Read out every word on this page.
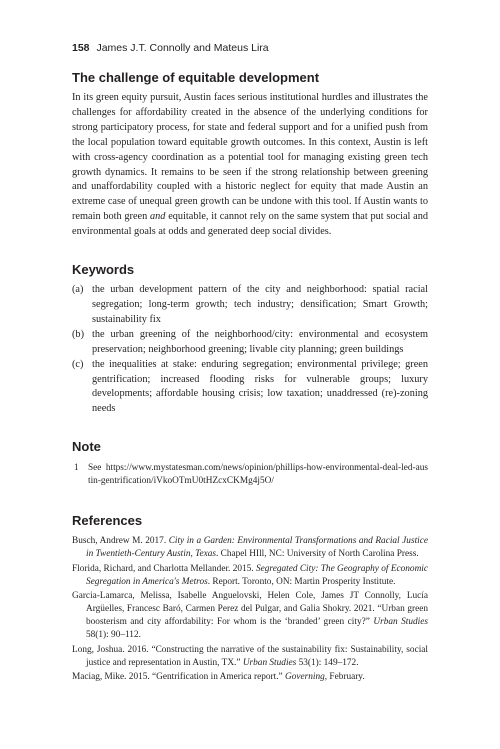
158 James J.T. Connolly and Mateus Lira
The challenge of equitable development

In its green equity pursuit, Austin faces serious institutional hurdles and illustrates the challenges for affordability created in the absence of the underlying conditions for strong participatory process, for state and federal support and for a unified push from the local population toward equitable growth outcomes. In this context, Austin is left with cross-agency coordination as a potential tool for managing existing green tech growth dynamics. It remains to be seen if the strong relationship between greening and unaffordability coupled with a historic neglect for equity that made Austin an extreme case of unequal green growth can be undone with this tool. If Austin wants to remain both green and equitable, it cannot rely on the same system that put social and environmental goals at odds and generated deep social divides.

Keywords
(a) the urban development pattern of the city and neighborhood: spatial racial segregation; long-term growth; tech industry; densification; Smart Growth; sustainability fix
(b) the urban greening of the neighborhood/city: environmental and ecosystem preservation; neighborhood greening; livable city planning; green buildings
(c) the inequalities at stake: enduring segregation; environmental privilege; green gentrification; increased flooding risks for vulnerable groups; luxury developments; affordable housing crisis; low taxation; unaddressed (re)-zoning needs
Note
1	See https://www.mystatesman.com/news/opinion/phillips-how-environmental-deal-led-austin-gentrification/iVkoOTmU0tHZcxCKMg4j5O/
References
Busch, Andrew M. 2017. City in a Garden: Environmental Transformations and Racial Justice in Twentieth-Century Austin, Texas. Chapel HIll, NC: University of North Carolina Press.
Florida, Richard, and Charlotta Mellander. 2015. Segregated City: The Geography of Economic Segregation in America's Metros. Report. Toronto, ON: Martin Prosperity Institute.
Garcia-Lamarca, Melissa, Isabelle Anguelovski, Helen Cole, James JT Connolly, Lucía Argüelles, Francesc Baró, Carmen Perez del Pulgar, and Galia Shokry. 2021. “Urban green boosterism and city affordability: For whom is the ‘branded’ green city?” Urban Studies 58(1): 90–112.
Long, Joshua. 2016. “Constructing the narrative of the sustainability fix: Sustainability, social justice and representation in Austin, TX.” Urban Studies 53(1): 149–172.
Maciag, Mike. 2015. “Gentrification in America report.” Governing, February.
